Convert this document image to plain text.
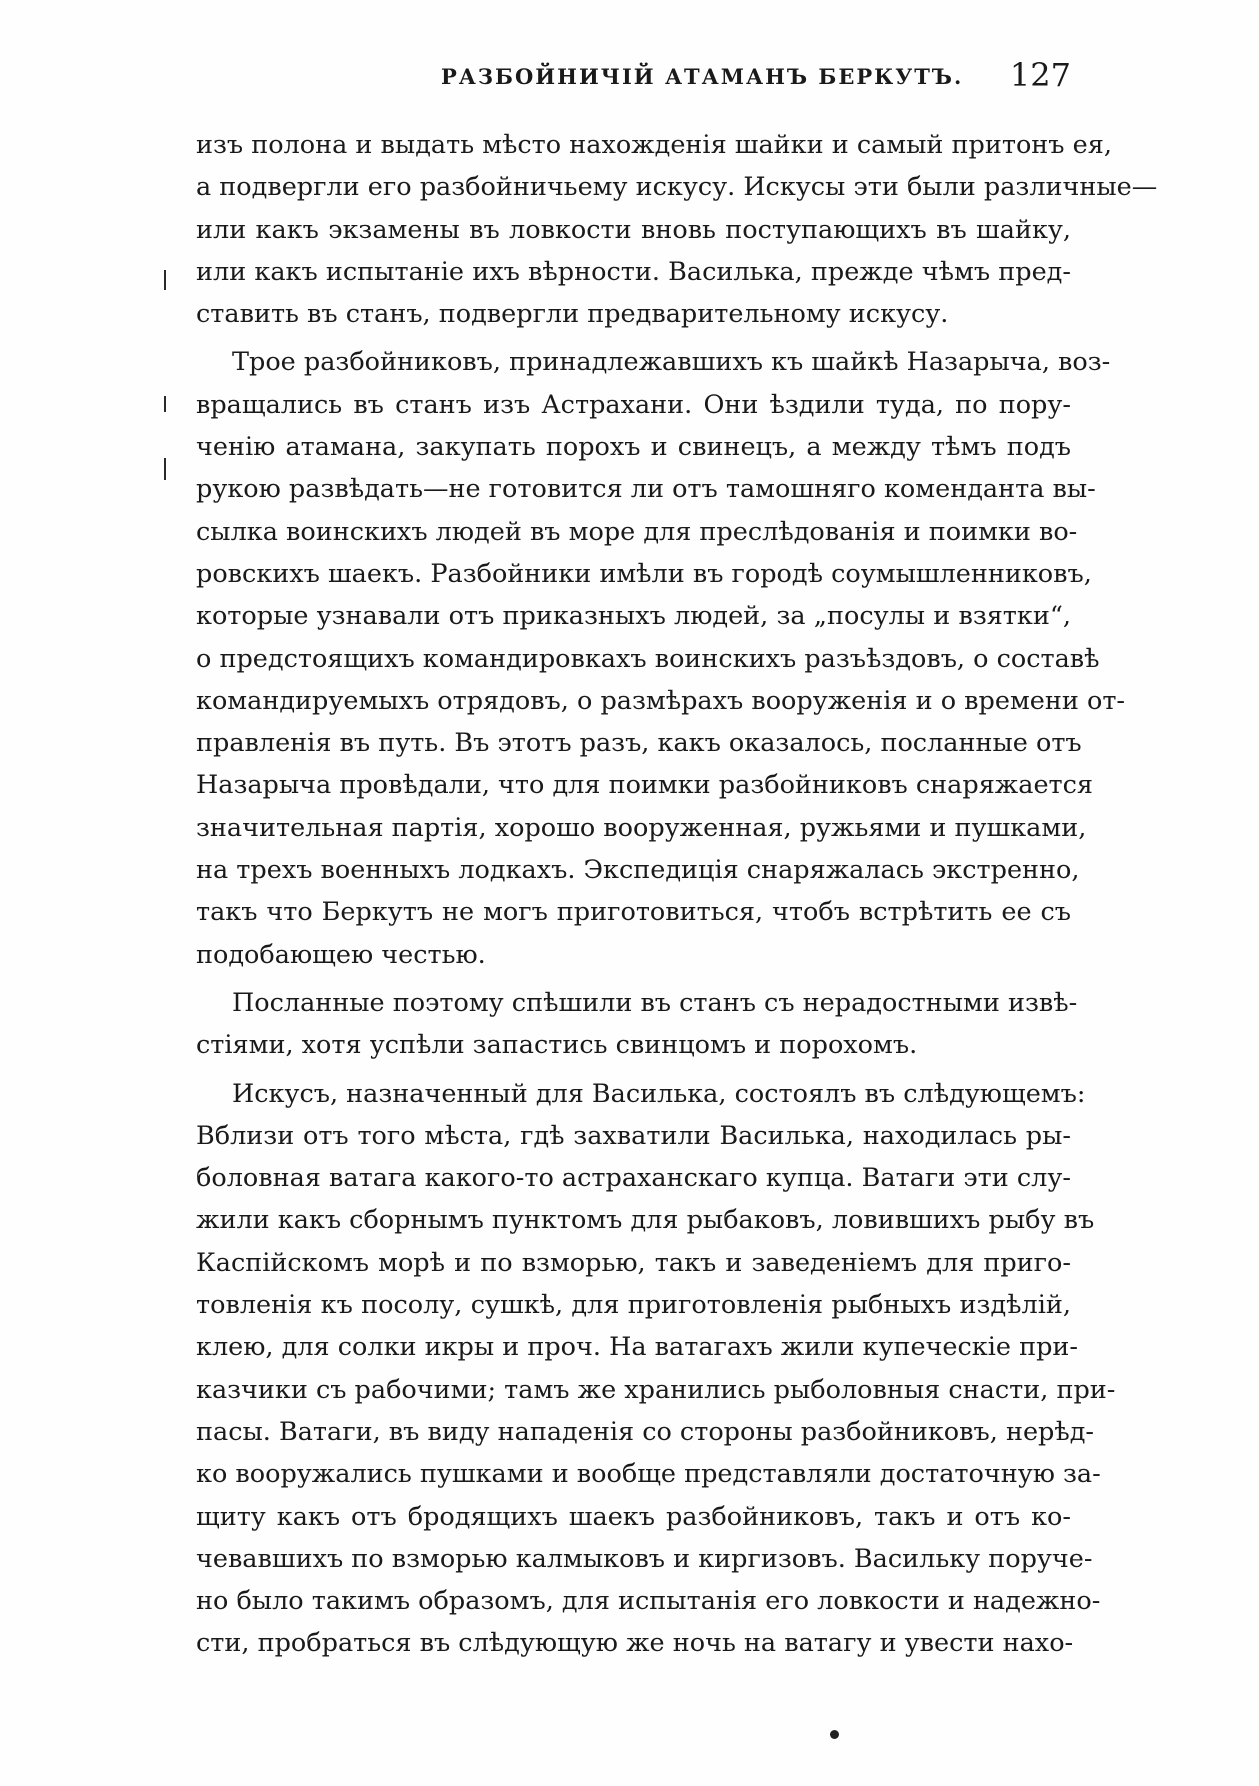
РАЗБОЙНИЧІЙ АТАМАНЪ БЕРКУТЪ. 127
изъ полона и выдать мѣсто нахожденія шайки и самый притонъ ея,
а подвергли его разбойничьему искусу. Искусы эти были различные—
или какъ экзамены въ ловкости вновь поступающихъ въ шайку,
или какъ испытаніе ихъ вѣрности. Василька, прежде чѣмъ пред-
ставить въ станъ, подвергли предварительному искусу.
Трое разбойниковъ, принадлежавшихъ къ шайкѣ Назарыча, воз-
вращались въ станъ изъ Астрахани. Они ѣздили туда, по пору-
ченію атамана, закупать порохъ и свинецъ, а между тѣмъ подъ
рукою развѣдать—не готовится ли отъ тамошняго коменданта вы-
сылка воинскихъ людей въ море для преслѣдованія и поимки во-
ровскихъ шаекъ. Разбойники имѣли въ городѣ соумышленниковъ,
которые узнавали отъ приказныхъ людей, за „посулы и взятки“,
о предстоящихъ командировкахъ воинскихъ разъѣздовъ, о составѣ
командируемыхъ отрядовъ, о размѣрахъ вооруженія и о времени от-
правленія въ путь. Въ этотъ разъ, какъ оказалось, посланные отъ
Назарыча провѣдали, что для поимки разбойниковъ снаряжается
значительная партія, хорошо вооруженная, ружьями и пушками,
на трехъ военныхъ лодкахъ. Экспедиція снаряжалась экстренно,
такъ что Беркутъ не могъ приготовиться, чтобъ встрѣтить ее съ
подобающею честью.
Посланные поэтому спѣшили въ станъ съ нерадостными извѣ-
стіями, хотя успѣли запастись свинцомъ и порохомъ.
Искусъ, назначенный для Василька, состоялъ въ слѣдующемъ:
Вблизи отъ того мѣста, гдѣ захватили Василька, находилась ры-
боловная ватага какого-то астраханскаго купца. Ватаги эти слу-
жили какъ сборнымъ пунктомъ для рыбаковъ, ловившихъ рыбу въ
Каспійскомъ морѣ и по взморью, такъ и заведеніемъ для приго-
товленія къ посолу, сушкѣ, для приготовленія рыбныхъ издѣлій,
клею, для солки икры и проч. На ватагахъ жили купеческіе при-
казчики съ рабочими; тамъ же хранились рыболовныя снасти, при-
пасы. Ватаги, въ виду нападенія со стороны разбойниковъ, нерѣд-
ко вооружались пушками и вообще представляли достаточную за-
щиту какъ отъ бродящихъ шаекъ разбойниковъ, такъ и отъ ко-
чевавшихъ по взморью калмыковъ и киргизовъ. Васильку поруче-
но было такимъ образомъ, для испытанія его ловкости и надежно-
сти, пробраться въ слѣдующую же ночь на ватагу и увести нахо-
